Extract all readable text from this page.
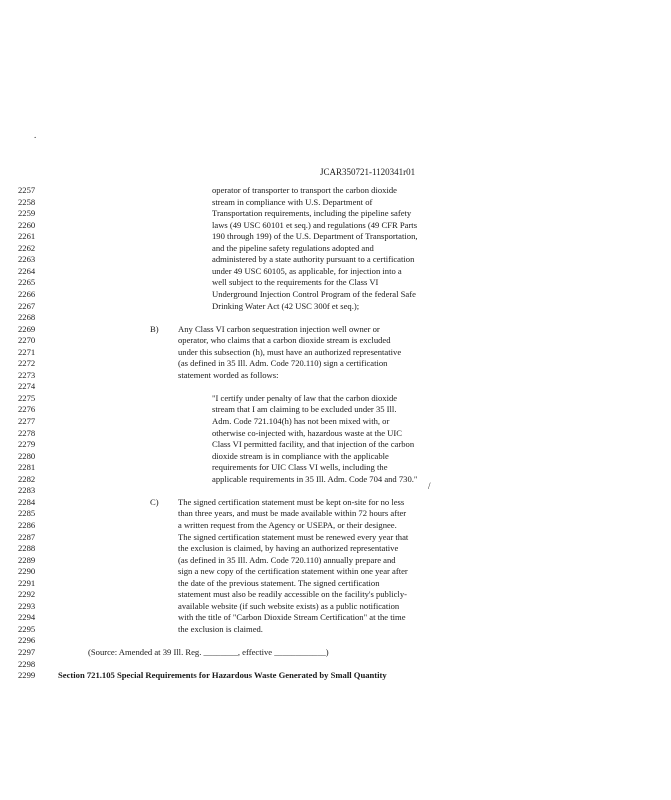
.
JCAR350721-1120341r01
/
2257	operator of transporter to transport the carbon dioxide
2258	stream in compliance with U.S. Department of
2259	Transportation requirements, including the pipeline safety
2260	laws (49 USC 60101 et seq.) and regulations (49 CFR Parts
2261	190 through 199) of the U.S. Department of Transportation,
2262	and the pipeline safety regulations adopted and
2263	administered by a state authority pursuant to a certification
2264	under 49 USC 60105, as applicable, for injection into a
2265	well subject to the requirements for the Class VI
2266	Underground Injection Control Program of the federal Safe
2267	Drinking Water Act (42 USC 300f et seq.);
2268
2269	B) Any Class VI carbon sequestration injection well owner or
2270	operator, who claims that a carbon dioxide stream is excluded
2271	under this subsection (h), must have an authorized representative
2272	(as defined in 35 Ill. Adm. Code 720.110) sign a certification
2273	statement worded as follows:
2274
2275	"I certify under penalty of law that the carbon dioxide
2276	stream that I am claiming to be excluded under 35 Ill.
2277	Adm. Code 721.104(h) has not been mixed with, or
2278	otherwise co-injected with, hazardous waste at the UIC
2279	Class VI permitted facility, and that injection of the carbon
2280	dioxide stream is in compliance with the applicable
2281	requirements for UIC Class VI wells, including the
2282	applicable requirements in 35 Ill. Adm. Code 704 and 730."
2283
2284	C) The signed certification statement must be kept on-site for no less
2285	than three years, and must be made available within 72 hours after
2286	a written request from the Agency or USEPA, or their designee.
2287	The signed certification statement must be renewed every year that
2288	the exclusion is claimed, by having an authorized representative
2289	(as defined in 35 Ill. Adm. Code 720.110) annually prepare and
2290	sign a new copy of the certification statement within one year after
2291	the date of the previous statement. The signed certification
2292	statement must also be readily accessible on the facility's publicly-
2293	available website (if such website exists) as a public notification
2294	with the title of "Carbon Dioxide Stream Certification" at the time
2295	the exclusion is claimed.
2296
2297	(Source: Amended at 39 Ill. Reg. ________, effective ____________)
2298
2299	Section 721.105 Special Requirements for Hazardous Waste Generated by Small Quantity
